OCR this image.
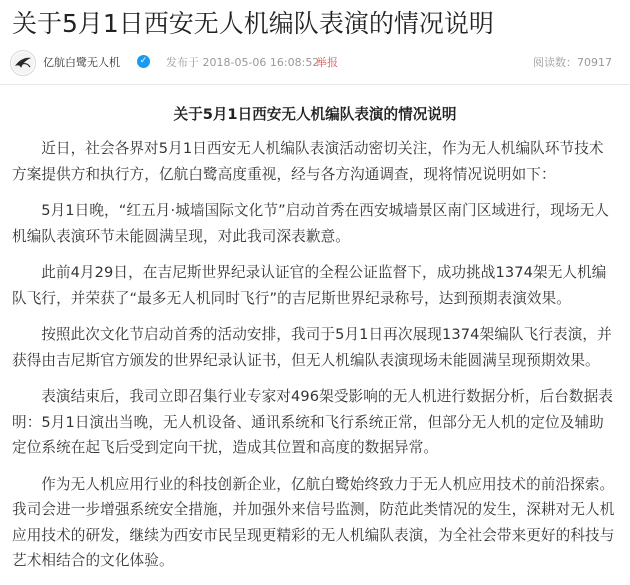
关于5月1日西安无人机编队表演的情况说明
亿航白鹭无人机	✓ 发布于 2018-05-06 16:08:52
举报	阅读数：70917
关于5月1日西安无人机编队表演的情况说明

近日，社会各界对5月1日西安无人机编队表演活动密切关注，作为无人机编队环节技术方案提供方和执行方，亿航白鹭高度重视，经与各方沟通调查，现将情况说明如下：

5月1日晚，“红五月·城墙国际文化节”启动首秀在西安城墙景区南门区域进行，现场无人机编队表演环节未能圆满呈现，对此我司深表歉意。

此前4月29日，在吉尼斯世界纪录认证官的全程公证监督下，成功挑战1374架无人机编队飞行，并荣获了“最多无人机同时飞行”的吉尼斯世界纪录称号，达到预期表演效果。

按照此次文化节启动首秀的活动安排，我司于5月1日再次展现1374架编队飞行表演，并获得由吉尼斯官方颁发的世界纪录认证书，但无人机编队表演现场未能圆满呈现预期效果。

表演结束后，我司立即召集行业专家对496架受影响的无人机进行数据分析，后台数据表明：5月1日演出当晚，无人机设备、通讯系统和飞行系统正常，但部分无人机的定位及辅助定位系统在起飞后受到定向干扰，造成其位置和高度的数据异常。

作为无人机应用行业的科技创新企业，亿航白鹭始终致力于无人机应用技术的前沿探索。我司会进一步增强系统安全措施，并加强外来信号监测，防范此类情况的发生，深耕对无人机应用技术的研发，继续为西安市民呈现更精彩的无人机编队表演，为全社会带来更好的科技与艺术相结合的文化体验。
